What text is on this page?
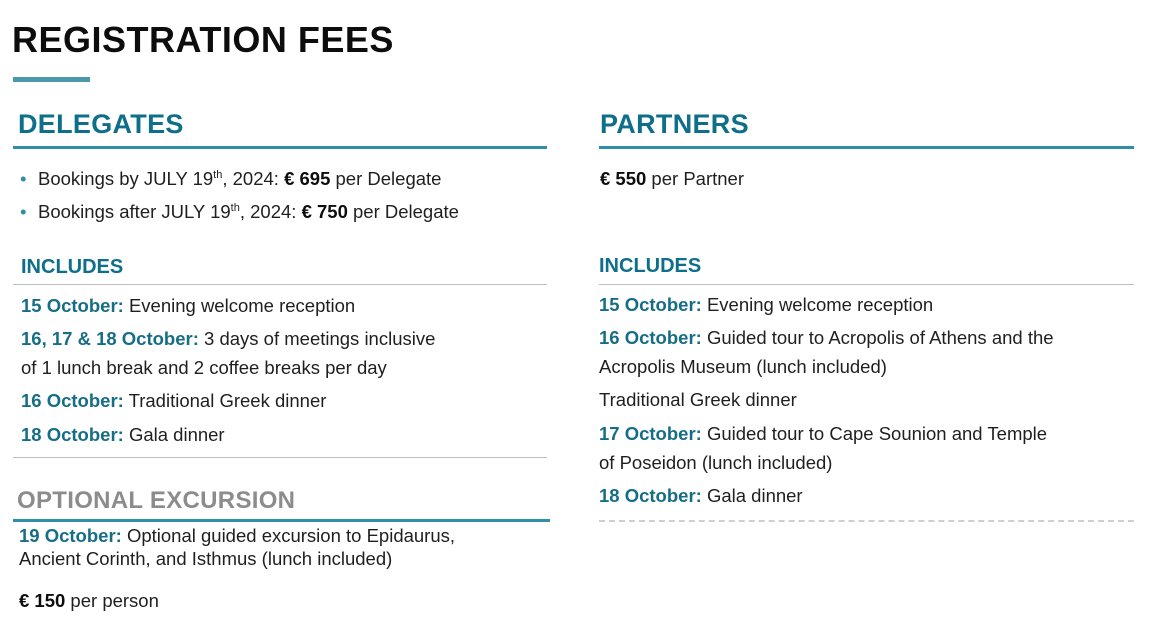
REGISTRATION FEES
DELEGATES
• Bookings by JULY 19th, 2024: € 695 per Delegate
• Bookings after JULY 19th, 2024: € 750 per Delegate
INCLUDES
15 October: Evening welcome reception
16, 17 & 18 October: 3 days of meetings inclusive
of 1 lunch break and 2 coffee breaks per day
16 October: Traditional Greek dinner
18 October: Gala dinner
OPTIONAL EXCURSION
19 October: Optional guided excursion to Epidaurus,
Ancient Corinth, and Isthmus (lunch included)
€ 150 per person
PARTNERS
€ 550 per Partner
INCLUDES
15 October: Evening welcome reception
16 October: Guided tour to Acropolis of Athens and the
Acropolis Museum (lunch included)
Traditional Greek dinner
17 October: Guided tour to Cape Sounion and Temple
of Poseidon (lunch included)
18 October: Gala dinner
